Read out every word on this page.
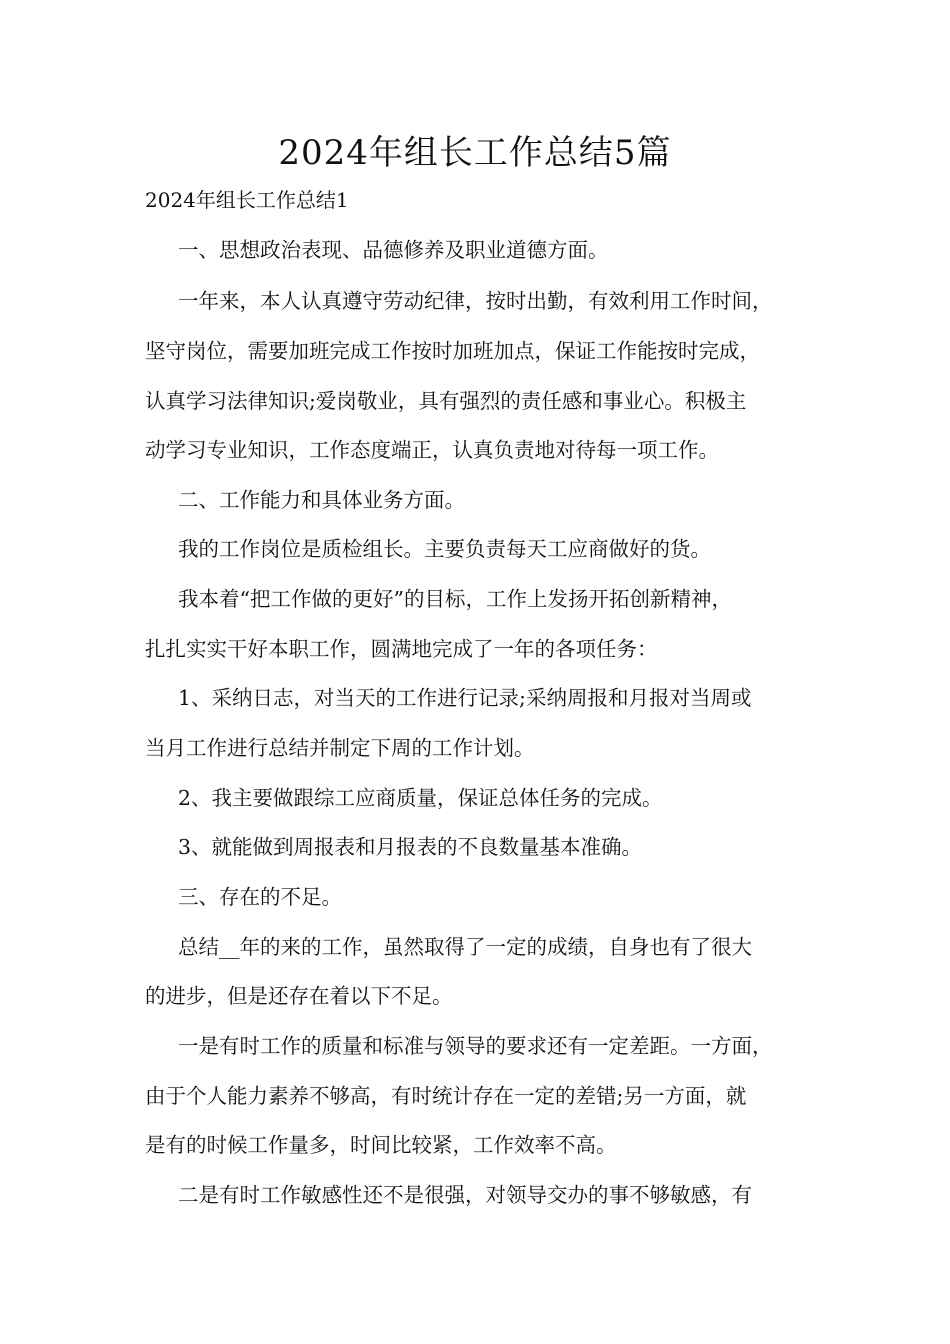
2024年组长工作总结5篇
2024年组长工作总结1

一、思想政治表现、品德修养及职业道德方面。

一年来，本人认真遵守劳动纪律，按时出勤，有效利用工作时间，

坚守岗位，需要加班完成工作按时加班加点，保证工作能按时完成，

认真学习法律知识;爱岗敬业，具有强烈的责任感和事业心。积极主

动学习专业知识，工作态度端正，认真负责地对待每一项工作。

二、工作能力和具体业务方面。

我的工作岗位是质检组长。主要负责每天工应商做好的货。

我本着“把工作做的更好”的目标，工作上发扬开拓创新精神，

扎扎实实干好本职工作，圆满地完成了一年的各项任务：

1、采纳日志，对当天的工作进行记录;采纳周报和月报对当周或

当月工作进行总结并制定下周的工作计划。

2、我主要做跟综工应商质量，保证总体任务的完成。

3、就能做到周报表和月报表的不良数量基本准确。

三、存在的不足。

总结__年的来的工作，虽然取得了一定的成绩，自身也有了很大

的进步，但是还存在着以下不足。

一是有时工作的质量和标准与领导的要求还有一定差距。一方面，

由于个人能力素养不够高，有时统计存在一定的差错;另一方面，就

是有的时候工作量多，时间比较紧，工作效率不高。

二是有时工作敏感性还不是很强，对领导交办的事不够敏感，有
